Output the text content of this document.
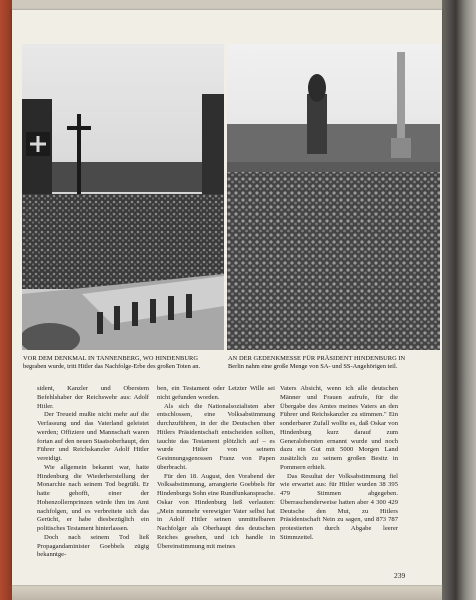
VOR DEM DENKMAL IN TANNENBERG, WO HINDENBURG
begraben wurde, tritt Hitler das Nachfolge-Erbe des großen Toten an.
AN DER GEDENKMESSE FÜR PRÄSIDENT HINDENBURG IN
Berlin nahm eine große Menge von SA- und SS-Angehörigen teil.

sident, Kanzler und Oberstem Befehlshaber der Reichswehr aus: Adolf Hitler.

Der Treueid mußte nicht mehr auf die Verfassung und das Vaterland geleistet werden; Offiziere und Mannschaft waren fortan auf den neuen Staatsoberhaupt, den Führer und Reichskanzler Adolf Hitler vereidigt.

Wie allgemein bekannt war, hatte Hindenburg die Wiederherstellung der Monarchie nach seinem Tod begrüßt. Er hatte gehofft, einer der Hohenzollernprinzen würde ihm im Amt nachfolgen, und es verbreitete sich das Gerücht, er habe diesbezüglich ein politisches Testament hinterlassen.

Doch nach seinem Tod ließ Propagandaminister Goebbels zügig bekanntge-

ben, ein Testament oder Letzter Wille sei nicht gefunden worden.

Als sich die Nationalsozialisten aber entschlossen, eine Volksabstimmung durchzuführen, in der die Deutschen über Hitlers Präsidentschaft entscheiden sollten, tauchte das Testament plötzlich auf – es wurde Hitler von seinem Gesinnungsgenossen Franz von Papen überbracht.

Für den 18. August, den Vorabend der Volksabstimmung, arrangierte Goebbels für Hindenburgs Sohn eine Rundfunkansprache. Oskar von Hindenburg ließ verlauten: „Mein nunmehr verewigter Vater selbst hat in Adolf Hitler seinen unmittelbaren Nachfolger als Oberhaupt des deutschen Reiches gesehen, und ich handle in Übereinstimmung mit meines

Vaters Absicht, wenn ich alle deutschen Männer und Frauen aufrufe, für die Übergabe des Amtes meines Vaters an den Führer und Reichskanzler zu stimmen." Ein sonderbarer Zufall wollte es, daß Oskar von Hindenburg kurz darauf zum Generalobersten ernannt wurde und noch dazu ein Gut mit 5000 Morgen Land zusätzlich zu seinem großen Besitz in Pommern erhielt.

Das Resultat der Volksabstimmung fiel wie erwartet aus: für Hitler wurden 38 395 479 Stimmen abgegeben. Überraschenderweise hatten aber 4 300 429 Deutsche den Mut, zu Hitlers Präsidentschaft Nein zu sagen, und 873 787 protestierten durch Abgabe leerer Stimmzettel.

239
